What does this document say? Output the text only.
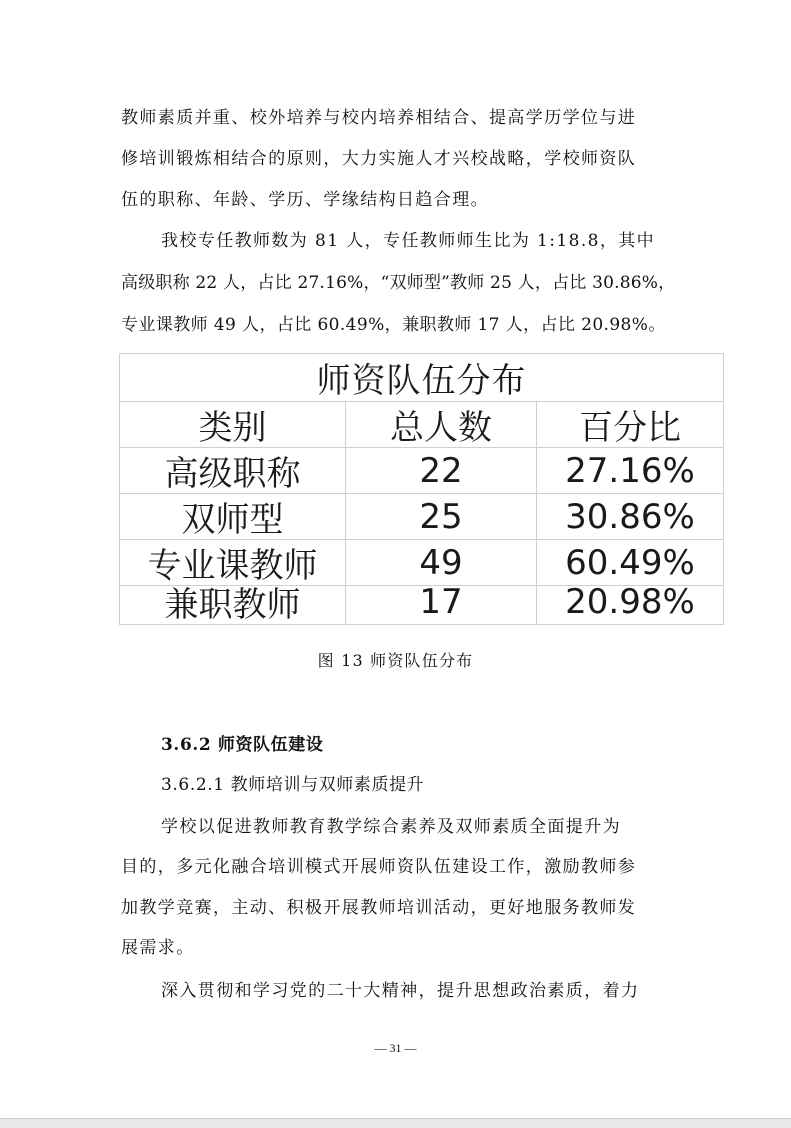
教师素质并重、校外培养与校内培养相结合、提高学历学位与进
修培训锻炼相结合的原则，大力实施人才兴校战略，学校师资队
伍的职称、年龄、学历、学缘结构日趋合理。
我校专任教师数为 81 人，专任教师师生比为 1:18.8，其中
高级职称 22 人，占比 27.16%，“双师型”教师 25 人，占比 30.86%，
专业课教师 49 人，占比 60.49%，兼职教师 17 人，占比 20.98%。
师资队伍分布
类别	总人数	百分比
高级职称	22	27.16%
双师型	25	30.86%
专业课教师	49	60.49%
兼职教师	17	20.98%
图 13 师资队伍分布
3.6.2 师资队伍建设
3.6.2.1 教师培训与双师素质提升
学校以促进教师教育教学综合素养及双师素质全面提升为
目的，多元化融合培训模式开展师资队伍建设工作，激励教师参
加教学竞赛，主动、积极开展教师培训活动，更好地服务教师发
展需求。
深入贯彻和学习党的二十大精神，提升思想政治素质，着力
— 31 —
